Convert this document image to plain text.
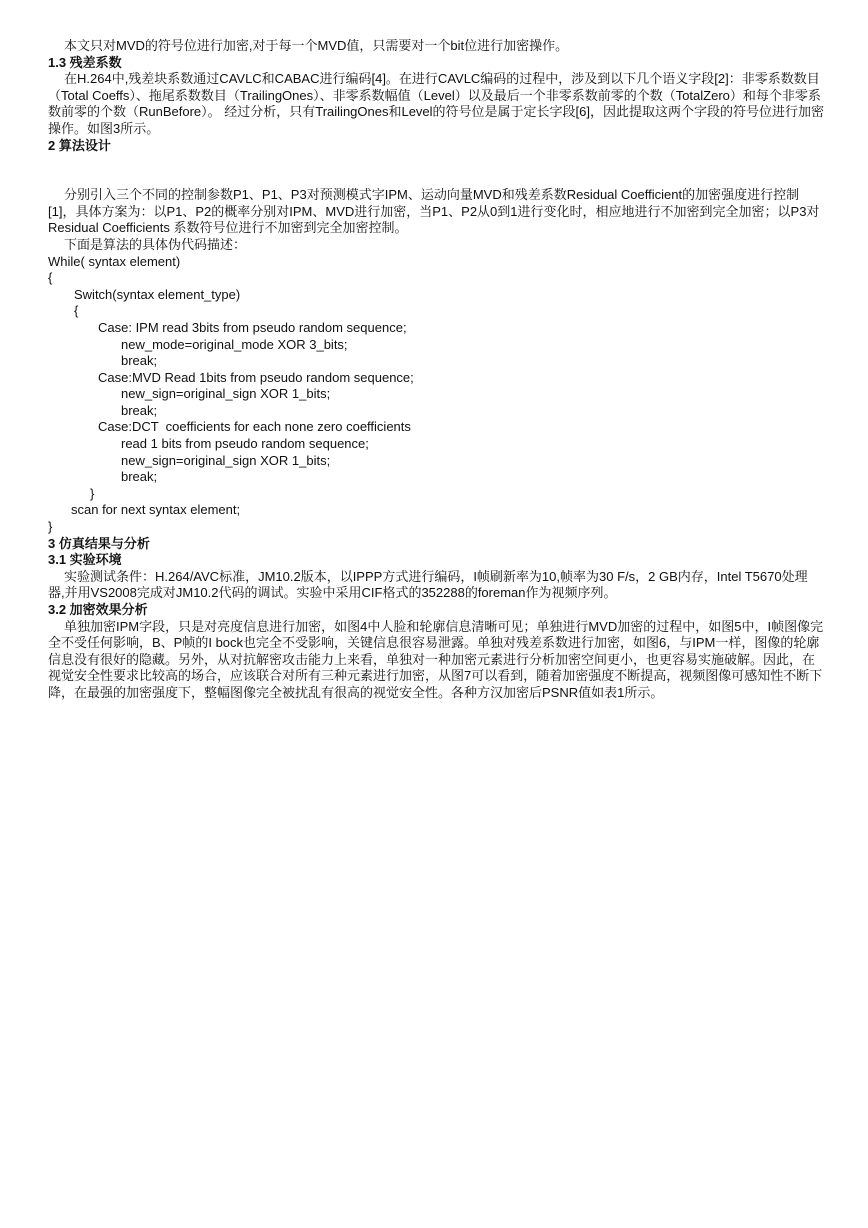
本文只对MVD的符号位进行加密,对于每一个MVD值，只需要对一个bit位进行加密操作。

1.3 残差系数

在H.264中,残差块系数通过CAVLC和CABAC进行编码[4]。在进行CAVLC编码的过程中，涉及到以下几个语义字段[2]：非零系数数目（Total Coeffs）、拖尾系数数目（TrailingOnes）、非零系数幅值（Level）以及最后一个非零系数前零的个数（TotalZero）和每个非零系数前零的个数（RunBefore）。 经过分析，只有TrailingOnes和Level的符号位是属于定长字段[6]，因此提取这两个字段的符号位进行加密操作。如图3所示。

2 算法设计

分别引入三个不同的控制参数P1、P1、P3对预测模式字IPM、运动向量MVD和残差系数Residual Coefficient的加密强度进行控制[1]，具体方案为：以P1、P2的概率分别对IPM、MVD进行加密，当P1、P2从0到1进行变化时，相应地进行不加密到完全加密；以P3对Residual Coefficients 系数符号位进行不加密到完全加密控制。

下面是算法的具体伪代码描述：

While( syntax element)
{
Switch(syntax element_type)
{
Case: IPM read 3bits from pseudo random sequence;
new_mode=original_mode XOR 3_bits;
break;
Case:MVD Read 1bits from pseudo random sequence;
new_sign=original_sign XOR 1_bits;
break;
Case:DCT  coefficients for each none zero coefficients
read 1 bits from pseudo random sequence;
new_sign=original_sign XOR 1_bits;
break;
}
scan for next syntax element;
}

3 仿真结果与分析

3.1 实验环境

实验测试条件：H.264/AVC标准，JM10.2版本，以IPPP方式进行编码，I帧刷新率为10,帧率为30 F/s，2 GB内存，Intel T5670处理器,并用VS2008完成对JM10.2代码的调试。实验中采用CIF格式的352288的foreman作为视频序列。

3.2 加密效果分析

单独加密IPM字段，只是对亮度信息进行加密，如图4中人脸和轮廓信息清晰可见；单独进行MVD加密的过程中，如图5中，I帧图像完全不受任何影响，B、P帧的I bock也完全不受影响，关键信息很容易泄露。单独对残差系数进行加密，如图6，与IPM一样，图像的轮廓信息没有很好的隐藏。另外，从对抗解密攻击能力上来看，单独对一种加密元素进行分析加密空间更小，也更容易实施破解。因此，在视觉安全性要求比较高的场合，应该联合对所有三种元素进行加密，从图7可以看到，随着加密强度不断提高，视频图像可感知性不断下降，在最强的加密强度下，整幅图像完全被扰乱有很高的视觉安全性。各种方汉加密后PSNR值如表1所示。
